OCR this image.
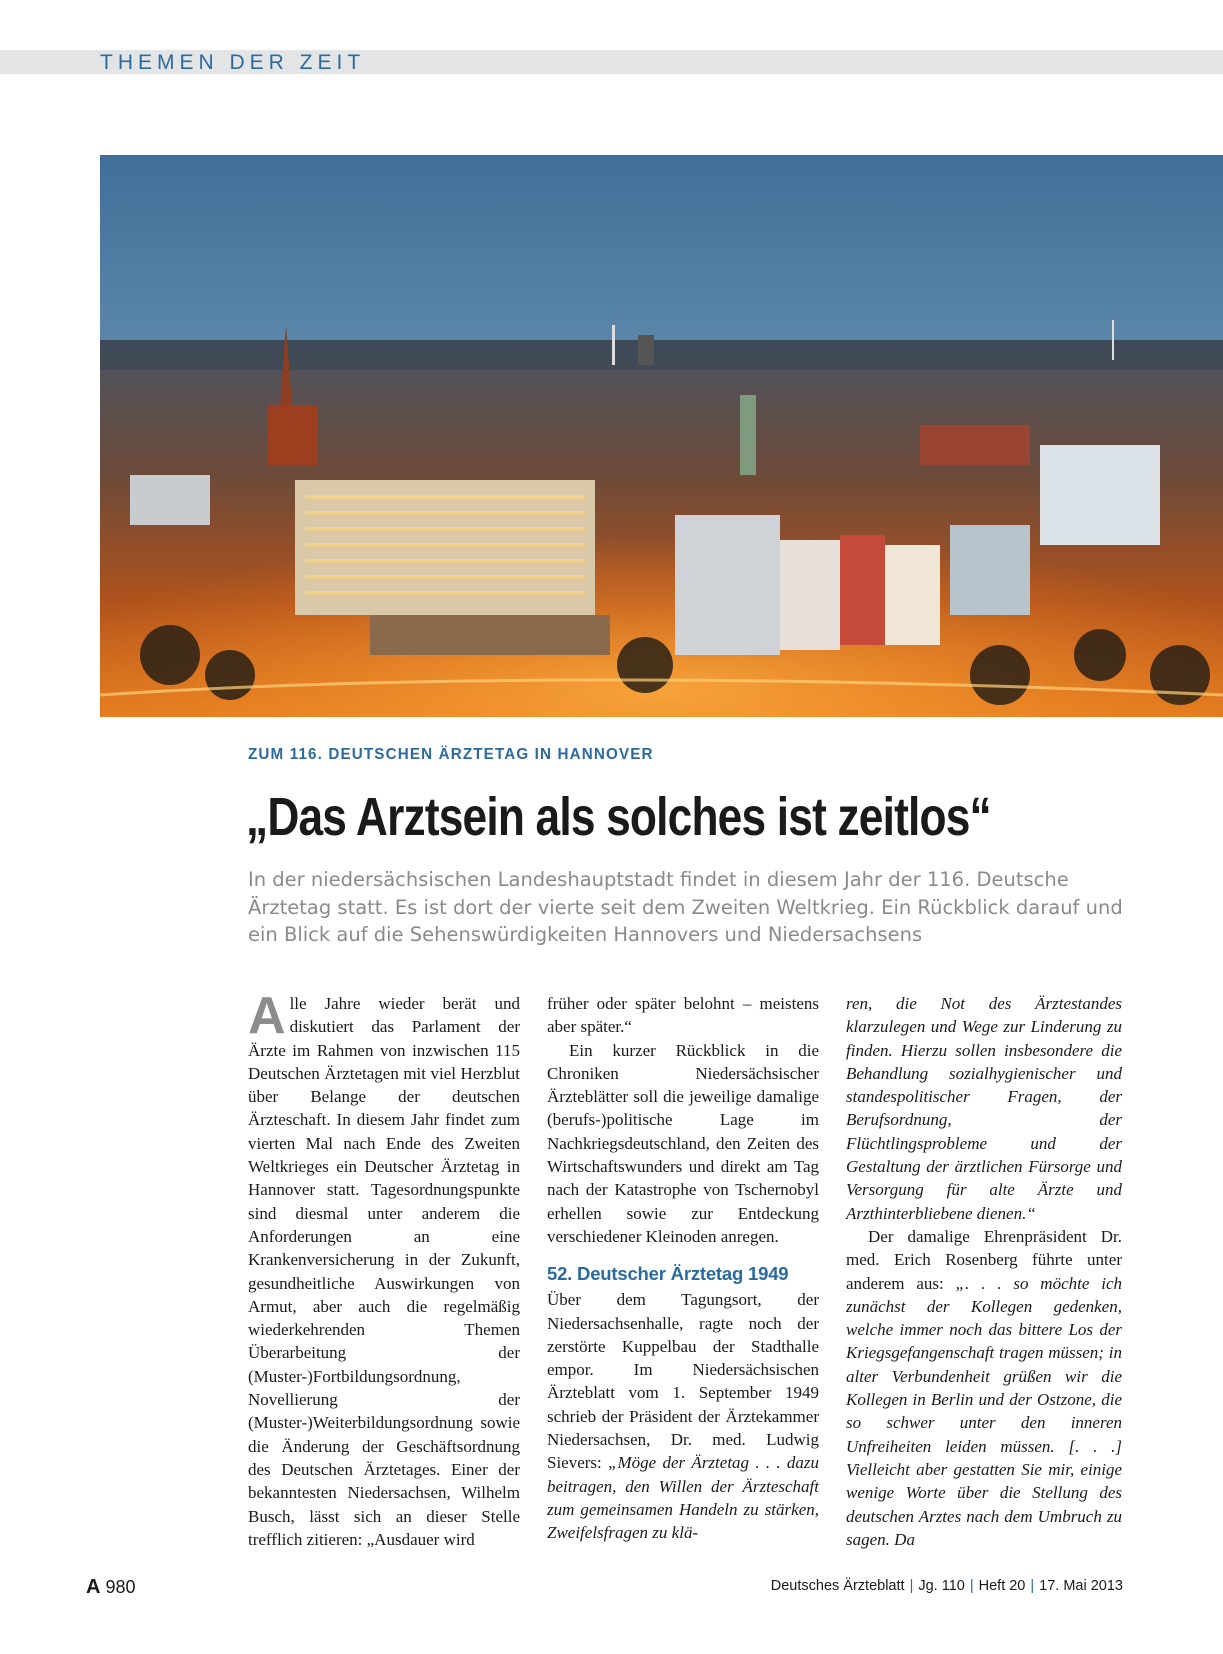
THEMEN DER ZEIT
ZUM 116. DEUTSCHEN ÄRZTETAG IN HANNOVER
„Das Arztsein als solches ist zeitlos“
In der niedersächsischen Landeshauptstadt findet in diesem Jahr der 116. Deutsche Ärztetag statt. Es ist dort der vierte seit dem Zweiten Weltkrieg. Ein Rückblick darauf und ein Blick auf die Sehenswürdigkeiten Hannovers und Niedersachsens

Alle Jahre wieder berät und diskutiert das Parlament der Ärzte im Rahmen von inzwischen 115 Deutschen Ärztetagen mit viel Herzblut über Belange der deutschen Ärzteschaft. In diesem Jahr findet zum vierten Mal nach Ende des Zweiten Weltkrieges ein Deutscher Ärztetag in Hannover statt. Tagesordnungspunkte sind diesmal unter anderem die Anforderungen an eine Krankenversicherung in der Zukunft, gesundheitliche Auswirkungen von Armut, aber auch die regelmäßig wiederkehrenden Themen Überarbeitung der (Muster-)Fortbildungsordnung, Novellierung der (Muster-)Weiterbildungsordnung sowie die Änderung der Geschäftsordnung des Deutschen Ärztetages. Einer der bekanntesten Niedersachsen, Wilhelm Busch, lässt sich an dieser Stelle trefflich zitieren: „Ausdauer wird

früher oder später belohnt – meistens aber später.“

Ein kurzer Rückblick in die Chroniken Niedersächsischer Ärzteblätter soll die jeweilige damalige (berufs-)politische Lage im Nachkriegsdeutschland, den Zeiten des Wirtschaftswunders und direkt am Tag nach der Katastrophe von Tschernobyl erhellen sowie zur Entdeckung verschiedener Kleinoden anregen.

52. Deutscher Ärztetag 1949

Über dem Tagungsort, der Niedersachsenhalle, ragte noch der zerstörte Kuppelbau der Stadthalle empor. Im Niedersächsischen Ärzteblatt vom 1. September 1949 schrieb der Präsident der Ärztekammer Niedersachsen, Dr. med. Ludwig Sievers: „Möge der Ärztetag . . . dazu beitragen, den Willen der Ärzteschaft zum gemeinsamen Handeln zu stärken, Zweifelsfragen zu klä-

ren, die Not des Ärztestandes klarzulegen und Wege zur Linderung zu finden. Hierzu sollen insbesondere die Behandlung sozialhygienischer und standespolitischer Fragen, der Berufsordnung, der Flüchtlingsprobleme und der Gestaltung der ärztlichen Fürsorge und Versorgung für alte Ärzte und Arzthinterbliebene dienen.“

Der damalige Ehrenpräsident Dr. med. Erich Rosenberg führte unter anderem aus: „. . . so möchte ich zunächst der Kollegen gedenken, welche immer noch das bittere Los der Kriegsgefangenschaft tragen müssen; in alter Verbundenheit grüßen wir die Kollegen in Berlin und der Ostzone, die so schwer unter den inneren Unfreiheiten leiden müssen. [. . .] Vielleicht aber gestatten Sie mir, einige wenige Worte über die Stellung des deutschen Arztes nach dem Umbruch zu sagen. Da

A 980	Deutsches Ärzteblatt | Jg. 110 | Heft 20 | 17. Mai 2013
